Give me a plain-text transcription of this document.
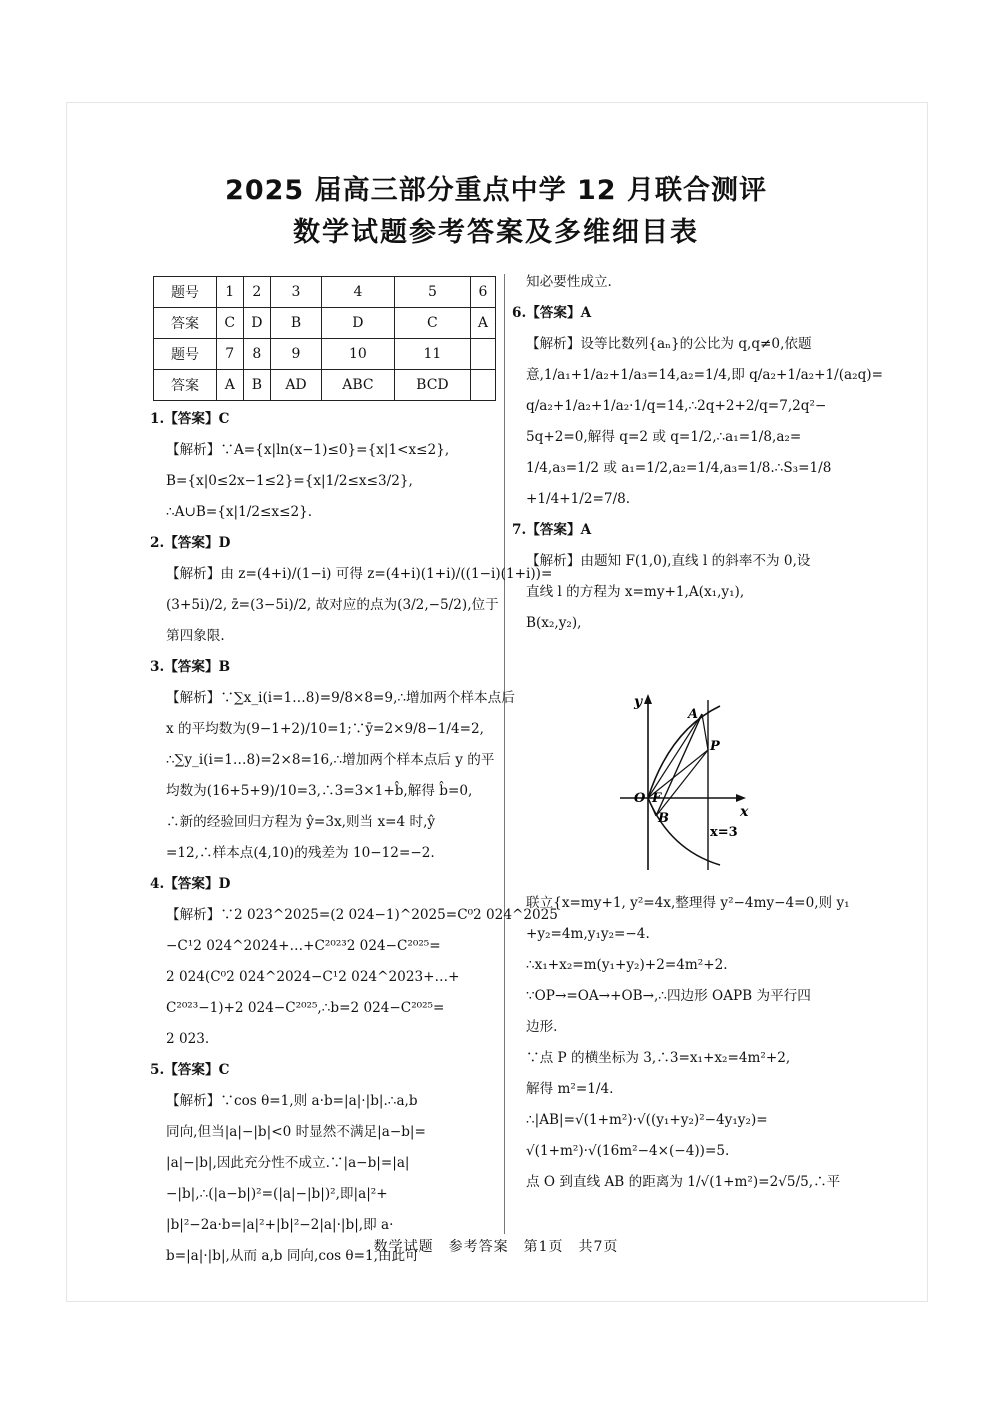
2025 届高三部分重点中学 12 月联合测评
数学试题参考答案及多维细目表
题号	1	2	3	4	5	6
答案	C	D	B	D	C	A
题号	7	8	9	10	11	
答案	A	B	AD	ABC	BCD	

1.【答案】C

【解析】∵A={x|ln(x−1)≤0}={x|1<x≤2},

B={x|0≤2x−1≤2}={x|1/2≤x≤3/2},

∴A∪B={x|1/2≤x≤2}.

2.【答案】D

【解析】由 z=(4+i)/(1−i) 可得 z=(4+i)(1+i)/((1−i)(1+i))=

(3+5i)/2, z̄=(3−5i)/2, 故对应的点为(3/2,−5/2),位于

第四象限.

3.【答案】B

【解析】∵∑x_i(i=1…8)=9/8×8=9,∴增加两个样本点后

x 的平均数为(9−1+2)/10=1;∵ȳ=2×9/8−1/4=2,

∴∑y_i(i=1…8)=2×8=16,∴增加两个样本点后 y 的平

均数为(16+5+9)/10=3,∴3=3×1+b̂,解得 b̂=0,

∴新的经验回归方程为 ŷ=3x,则当 x=4 时,ŷ

=12,∴样本点(4,10)的残差为 10−12=−2.

4.【答案】D

【解析】∵2 023^2025=(2 024−1)^2025=C⁰2 024^2025

−C¹2 024^2024+…+C²⁰²³2 024−C²⁰²⁵=

2 024(C⁰2 024^2024−C¹2 024^2023+…+

C²⁰²³−1)+2 024−C²⁰²⁵,∴b=2 024−C²⁰²⁵=

2 023.

5.【答案】C

【解析】∵cos θ=1,则 a·b=|a|·|b|.∴a,b

同向,但当|a|−|b|<0 时显然不满足|a−b|=

|a|−|b|,因此充分性不成立.∵|a−b|=|a|

−|b|,∴(|a−b|)²=(|a|−|b|)²,即|a|²+

|b|²−2a·b=|a|²+|b|²−2|a|·|b|,即 a·

b=|a|·|b|,从而 a,b 同向,cos θ=1,由此可

知必要性成立.

6.【答案】A

【解析】设等比数列{aₙ}的公比为 q,q≠0,依题

意,1/a₁+1/a₂+1/a₃=14,a₂=1/4,即 q/a₂+1/a₂+1/(a₂q)=

q/a₂+1/a₂+1/a₂·1/q=14,∴2q+2+2/q=7,2q²−

5q+2=0,解得 q=2 或 q=1/2,∴a₁=1/8,a₂=

1/4,a₃=1/2 或 a₁=1/2,a₂=1/4,a₃=1/8.∴S₃=1/8

+1/4+1/2=7/8.

7.【答案】A

【解析】由题知 F(1,0),直线 l 的斜率不为 0,设

直线 l 的方程为 x=my+1,A(x₁,y₁),

B(x₂,y₂),

联立{x=my+1, y²=4x,整理得 y²−4my−4=0,则 y₁

+y₂=4m,y₁y₂=−4.

∴x₁+x₂=m(y₁+y₂)+2=4m²+2.

∵OP→=OA→+OB→,∴四边形 OAPB 为平行四

边形.

∵点 P 的横坐标为 3,∴3=x₁+x₂=4m²+2,

解得 m²=1/4.

∴|AB|=√(1+m²)·√((y₁+y₂)²−4y₁y₂)=

√(1+m²)·√(16m²−4×(−4))=5.

点 O 到直线 AB 的距离为 1/√(1+m²)=2√5/5,∴平

y
x
A
P
O F
B
x=3
数学试题　参考答案　第1页　共7页
